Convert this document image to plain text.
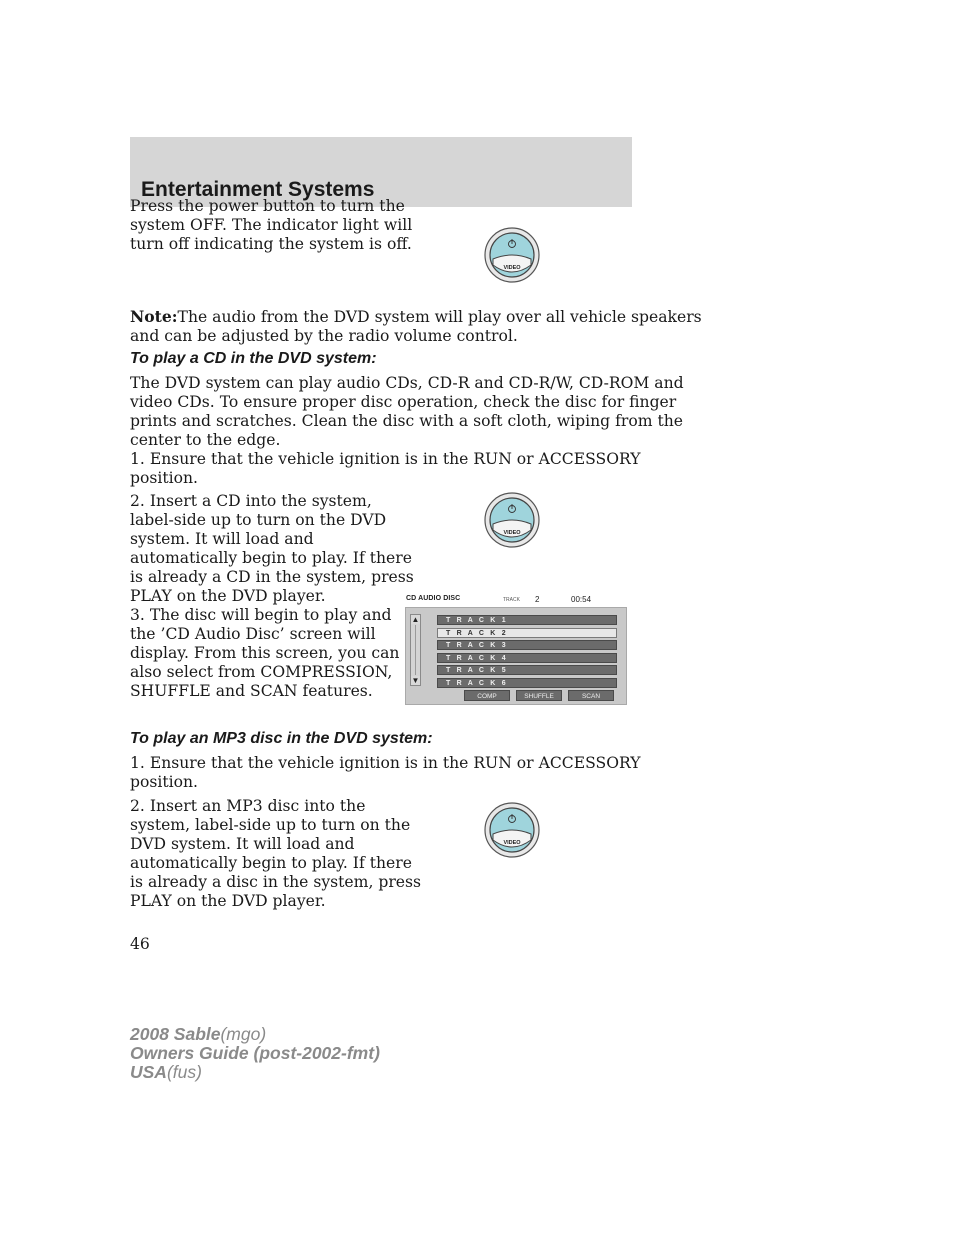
Entertainment Systems

Press the power button to turn the
system OFF. The indicator light will
turn off indicating the system is off.

VIDEO

Note:The audio from the DVD system will play over all vehicle speakers
and can be adjusted by the radio volume control.

To play a CD in the DVD system:

The DVD system can play audio CDs, CD-R and CD-R/W, CD-ROM and
video CDs. To ensure proper disc operation, check the disc for finger
prints and scratches. Clean the disc with a soft cloth, wiping from the
center to the edge.

1. Ensure that the vehicle ignition is in the RUN or ACCESSORY
position.

2. Insert a CD into the system,
label-side up to turn on the DVD
system. It will load and
automatically begin to play. If there
is already a CD in the system, press
PLAY on the DVD player.

VIDEO

3. The disc will begin to play and
the ’CD Audio Disc’ screen will
display. From this screen, you can
also select from COMPRESSION,
SHUFFLE and SCAN features.

CD AUDIO DISC	TRACK 2	00:54
▲
▼
T R A C K 1
T R A C K 2
T R A C K 3
T R A C K 4
T R A C K 5
T R A C K 6
COMP	SHUFFLE	SCAN
To play an MP3 disc in the DVD system:

1. Ensure that the vehicle ignition is in the RUN or ACCESSORY
position.

2. Insert an MP3 disc into the
system, label-side up to turn on the
DVD system. It will load and
automatically begin to play. If there
is already a disc in the system, press
PLAY on the DVD player.

VIDEO

46

2008 Sable(mgo)
Owners Guide (post-2002-fmt)
USA(fus)
